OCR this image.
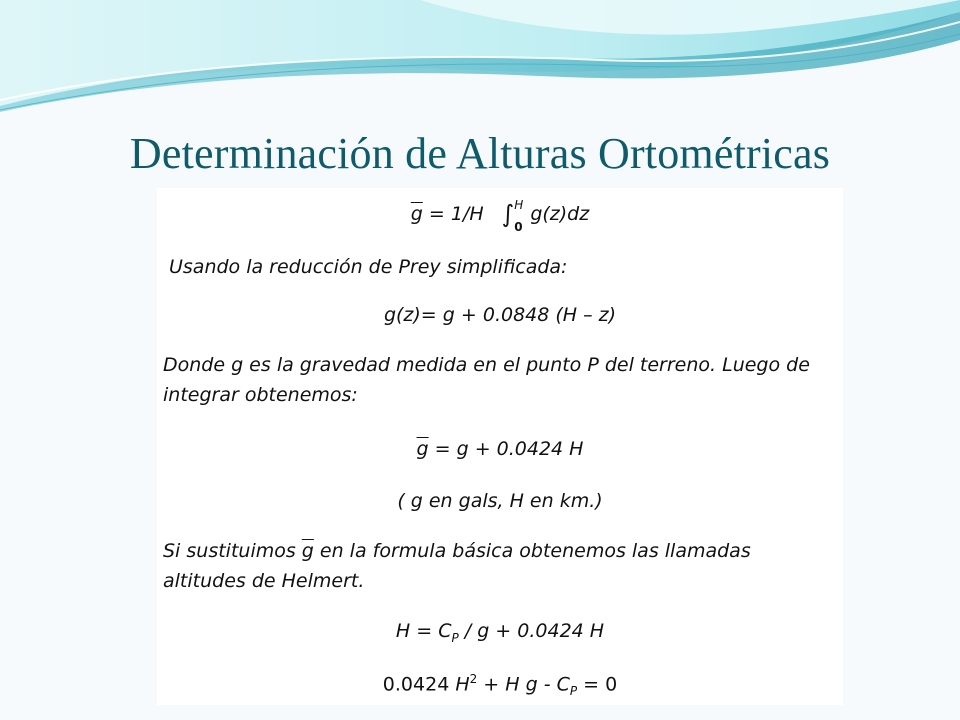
Determinación de Alturas Ortométricas
$\overline{g} = 1/H$ ∫ H
0
g(z)dz
Usando la reducción de Prey simplificada:
g(z)= g + 0.0848 (H – z)
Donde g es la gravedad medida en el punto P del terreno. Luego de integrar obtenemos:
$\overline{g} = g + 0.0424$ H
( g en gals, H en km.)
Si sustituimos $\overline{g}$ en la formula básica obtenemos las llamadas altitudes de Helmert.
$H = C_P / g + 0.0424$ H
0.0424 $H^2 + H$ $g - C_P = 0$
